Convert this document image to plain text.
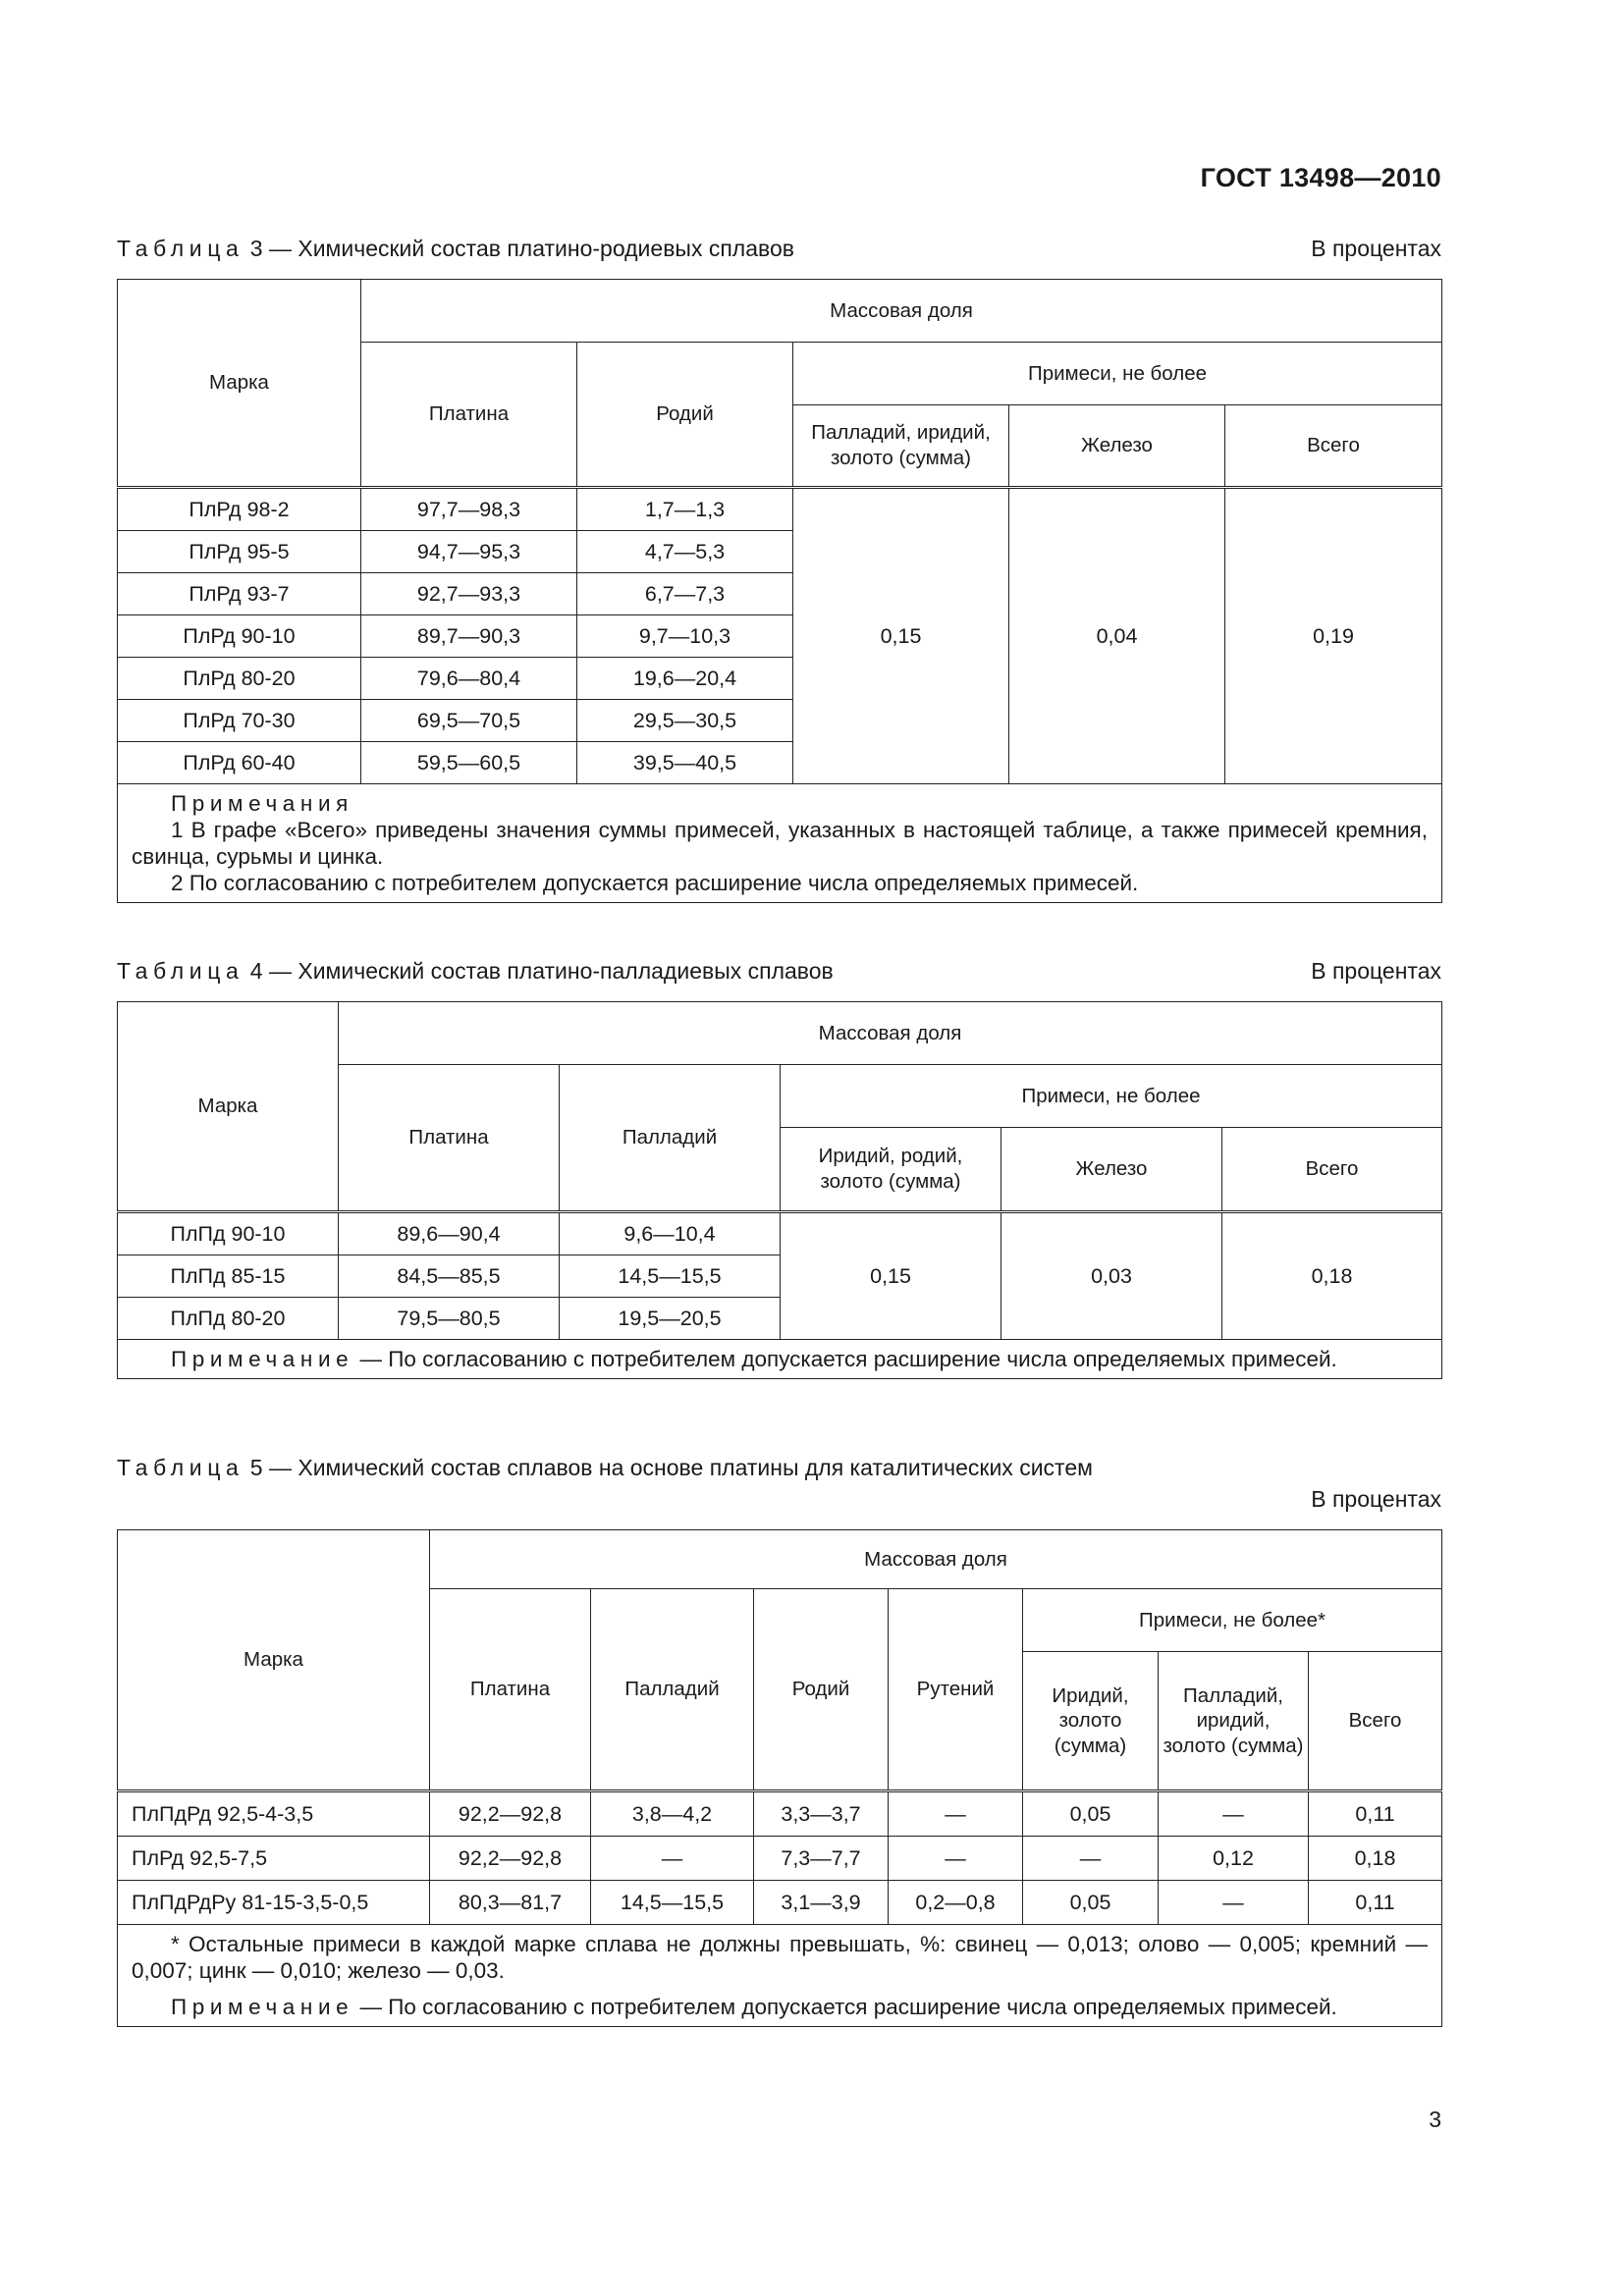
ГОСТ 13498—2010
Таблица 3 — Химический состав платино-родиевых сплавов	В процентах
Марка	Массовая доля				
	Платина	Родий	Примеси, не более		
			Палладий, иридий, золото (сумма)	Железо	Всего
ПлРд 98-2	97,7—98,3	1,7—1,3	0,15	0,04	0,19
ПлРд 95-5	94,7—95,3	4,7—5,3			
ПлРд 93-7	92,7—93,3	6,7—7,3			
ПлРд 90-10	89,7—90,3	9,7—10,3			
ПлРд 80-20	79,6—80,4	19,6—20,4			
ПлРд 70-30	69,5—70,5	29,5—30,5			
ПлРд 60-40	59,5—60,5	39,5—40,5			

Примечания
1 В графе «Всего» приведены значения суммы примесей, указанных в настоящей таблице, а также примесей кремния, свинца, сурьмы и цинка.
2 По согласованию с потребителем допускается расширение числа определяемых примесей.					
Таблица 4 — Химический состав платино-палладиевых сплавов	В процентах
Марка	Массовая доля				
	Платина	Палладий	Примеси, не более		
			Иридий, родий, золото (сумма)	Железо	Всего
ПлПд 90-10	89,6—90,4	9,6—10,4	0,15	0,03	0,18
ПлПд 85-15	84,5—85,5	14,5—15,5			
ПлПд 80-20	79,5—80,5	19,5—20,5			

Примечание — По согласованию с потребителем допускается расширение числа определяемых примесей.					
Таблица 5 — Химический состав сплавов на основе платины для каталитических систем
В процентах
Марка	Массовая доля						
	Платина	Палладий	Родий	Рутений	Примеси, не более*		
					Иридий, золото (сумма)	Палладий, иридий, золото (сумма)	Всего
ПлПдРд 92,5-4-3,5	92,2—92,8	3,8—4,2	3,3—3,7	—	0,05	—	0,11
ПлРд 92,5-7,5	92,2—92,8	—	7,3—7,7	—	—	0,12	0,18
ПлПдРдРу 81-15-3,5-0,5	80,3—81,7	14,5—15,5	3,1—3,9	0,2—0,8	0,05	—	0,11

* Остальные примеси в каждой марке сплава не должны превышать, %: свинец — 0,013; олово — 0,005; кремний — 0,007; цинк — 0,010; железо — 0,03.
Примечание — По согласованию с потребителем допускается расширение числа определяемых примесей.							
3
